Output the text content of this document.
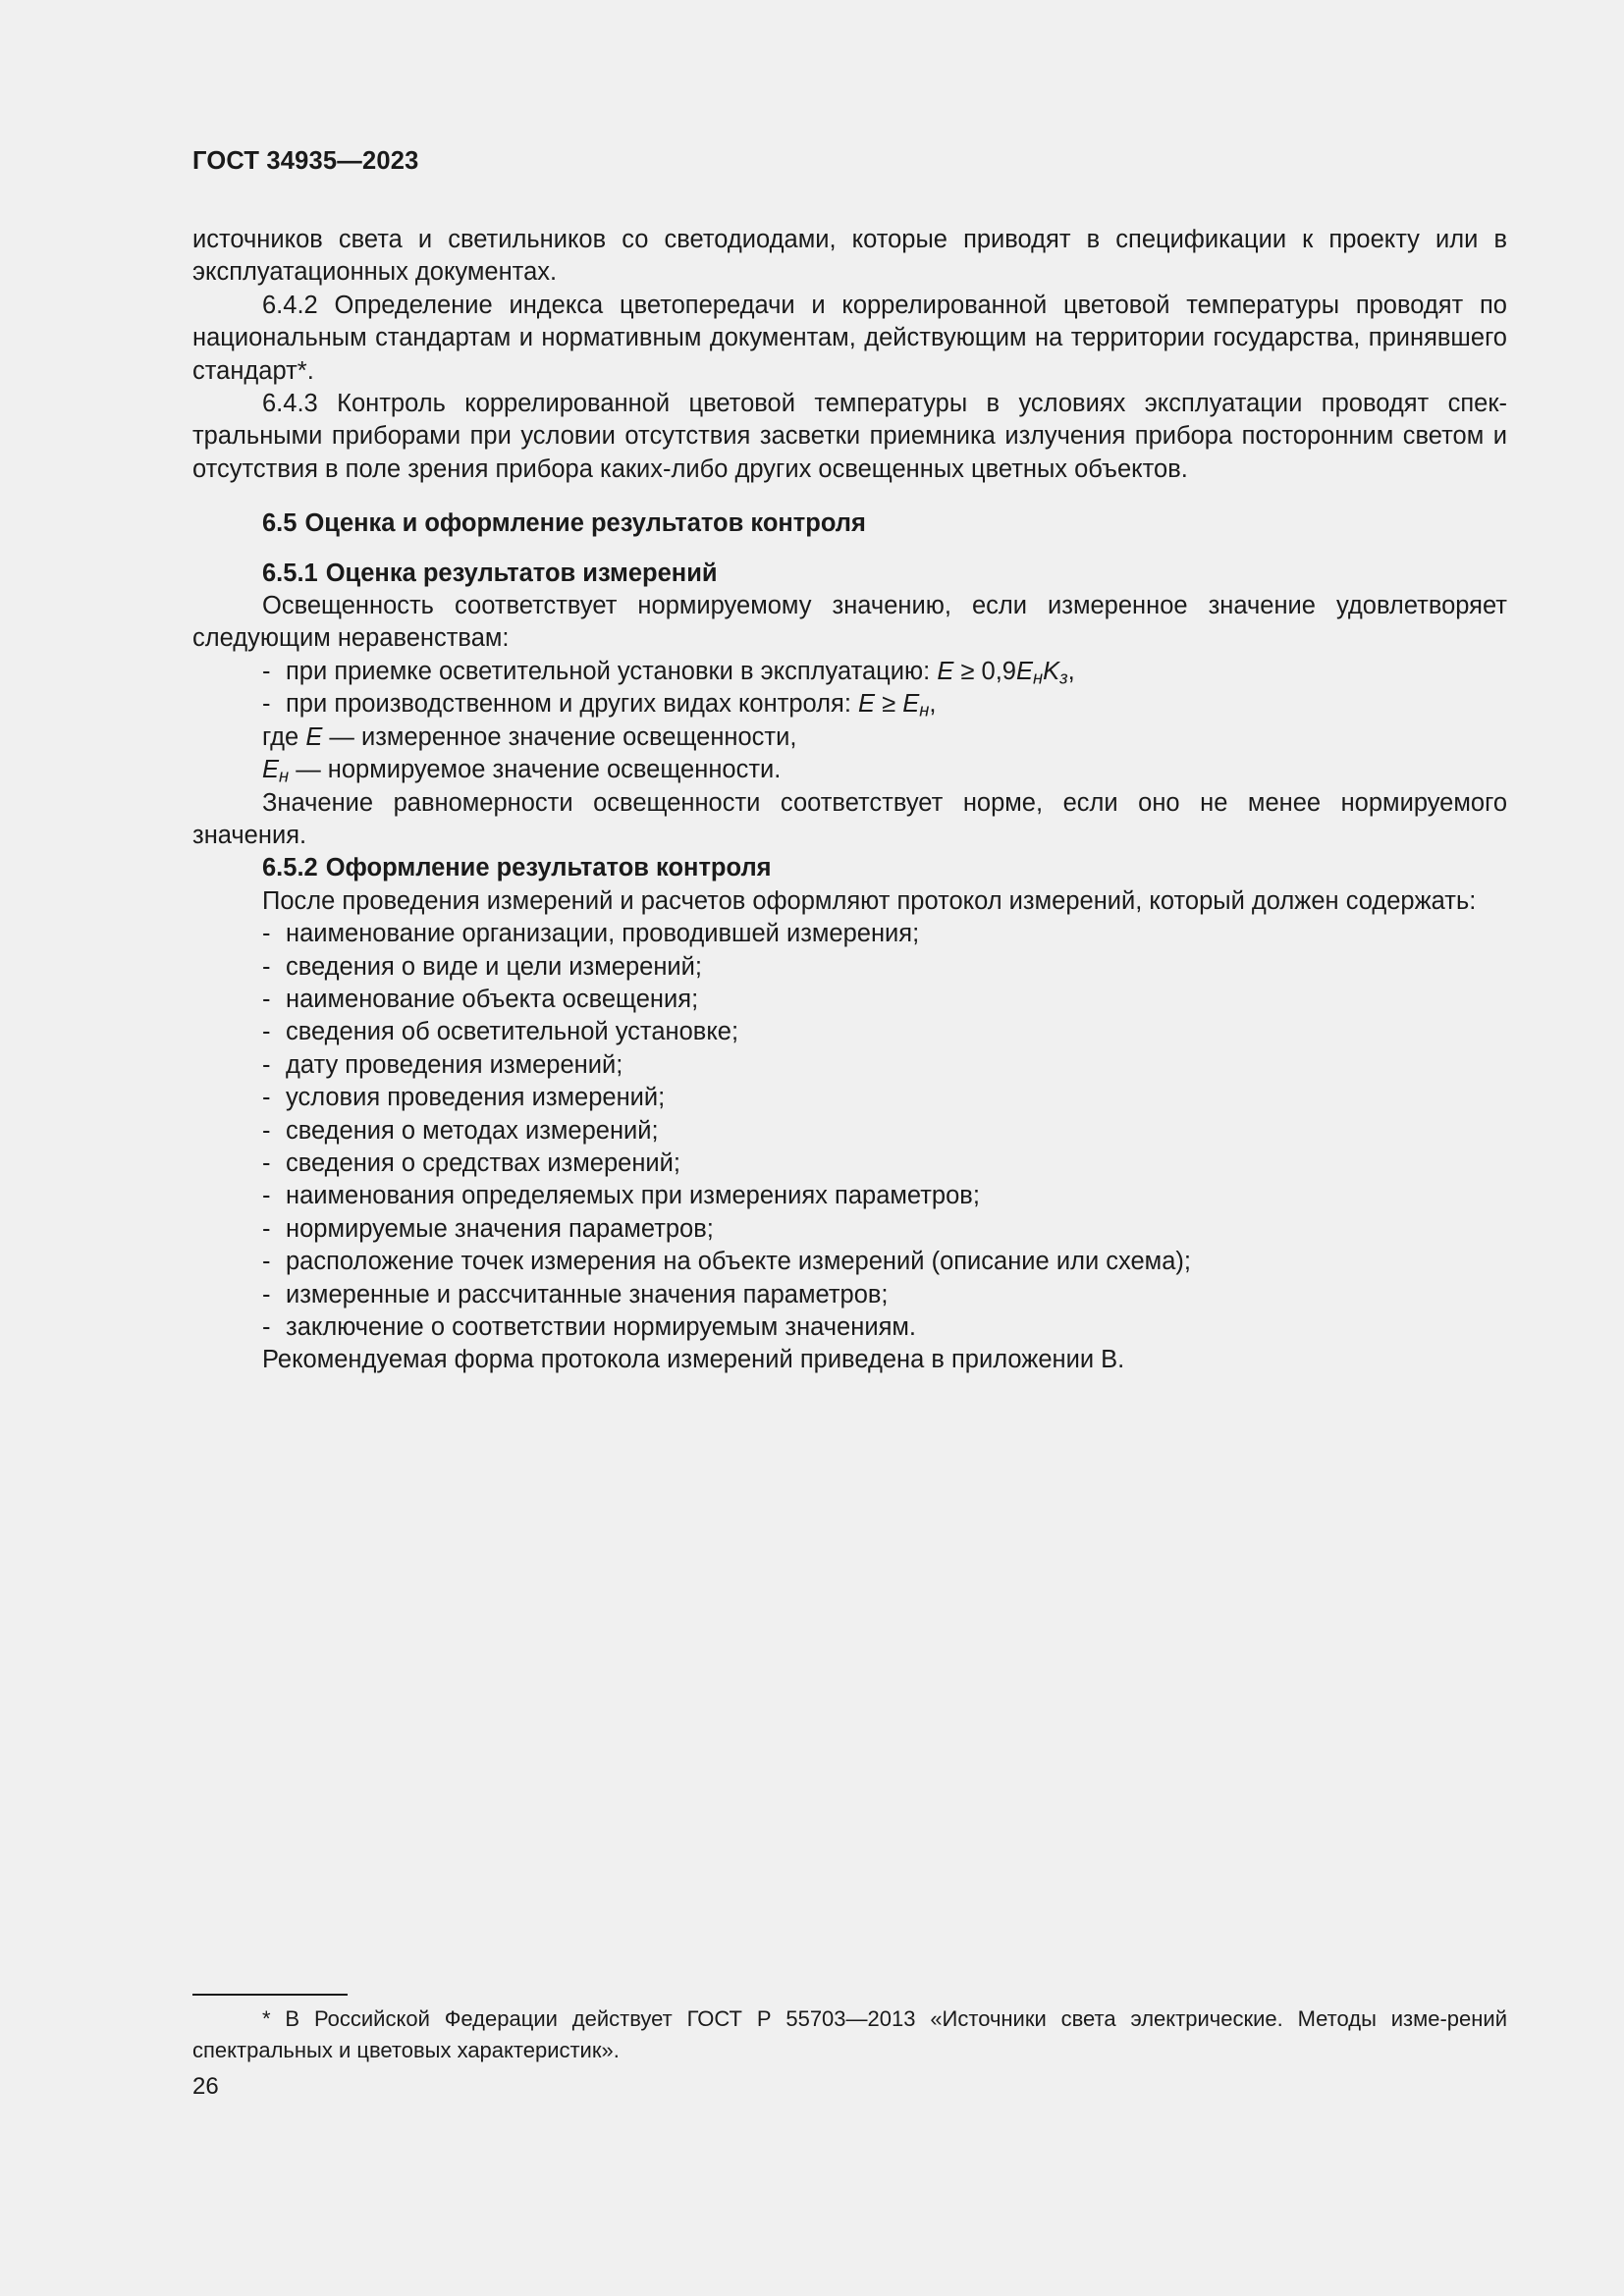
ГОСТ 34935—2023

источников света и светильников со светодиодами, которые приводят в спецификации к проекту или в эксплуатационных документах.

6.4.2 Определение индекса цветопередачи и коррелированной цветовой температуры проводят по национальным стандартам и нормативным документам, действующим на территории государства, принявшего стандарт*.

6.4.3 Контроль коррелированной цветовой температуры в условиях эксплуатации проводят спек-тральными приборами при условии отсутствия засветки приемника излучения прибора посторонним светом и отсутствия в поле зрения прибора каких-либо других освещенных цветных объектов.

6.5 Оценка и оформление результатов контроля

6.5.1 Оценка результатов измерений

Освещенность соответствует нормируемому значению, если измеренное значение удовлетворяет следующим неравенствам:

- при приемке осветительной установки в эксплуатацию: $E \ge 0,9E_нK_з$,

- при производственном и других видах контроля: $E \ge E_н$,

где E — измеренное значение освещенности,

$E_н$ — нормируемое значение освещенности.

Значение равномерности освещенности соответствует норме, если оно не менее нормируемого значения.

6.5.2 Оформление результатов контроля

После проведения измерений и расчетов оформляют протокол измерений, который должен содержать:

- наименование организации, проводившей измерения;

- сведения о виде и цели измерений;

- наименование объекта освещения;

- сведения об осветительной установке;

- дату проведения измерений;

- условия проведения измерений;

- сведения о методах измерений;

- сведения о средствах измерений;

- наименования определяемых при измерениях параметров;

- нормируемые значения параметров;

- расположение точек измерения на объекте измерений (описание или схема);

- измеренные и рассчитанные значения параметров;

- заключение о соответствии нормируемым значениям.

Рекомендуемая форма протокола измерений приведена в приложении В.

* В Российской Федерации действует ГОСТ Р 55703—2013 «Источники света электрические. Методы изме-рений спектральных и цветовых характеристик».

26
